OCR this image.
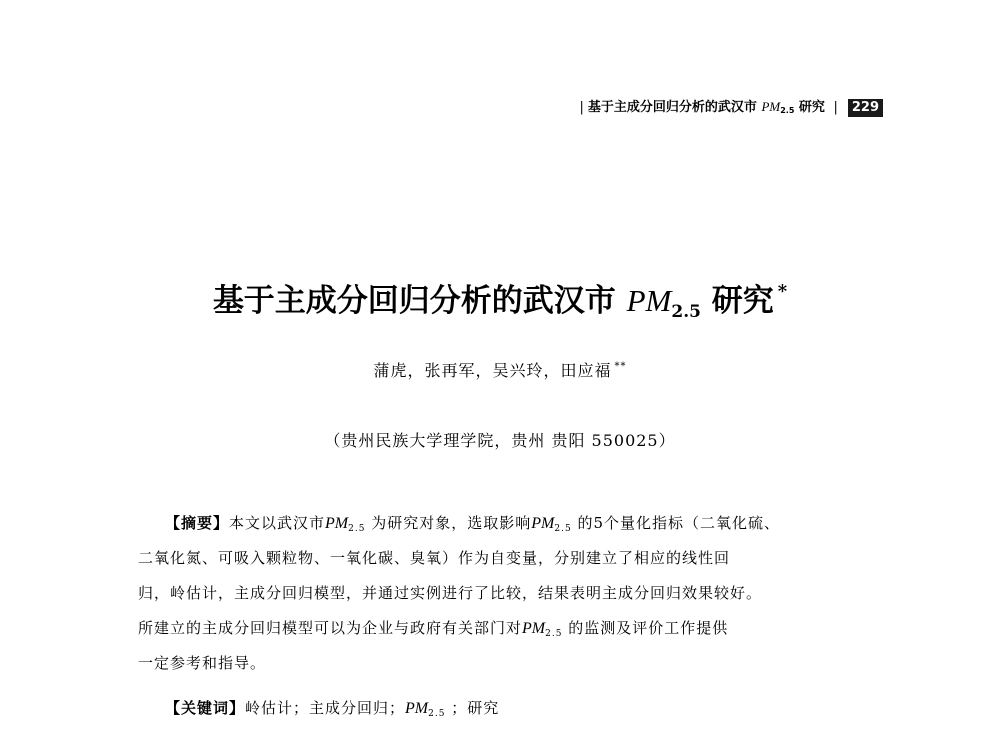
| 基于主成分回归分析的武汉市 $PM_{2.5}$ 研究 | 229
基于主成分回归分析的武汉市 $PM_{2.5}$ 研究 *
蒲虎，张再军，吴兴玲，田应福 **
（贵州民族大学理学院，贵州 贵阳 550025）
【摘要】本文以武汉市$PM_{2.5}$ 为研究对象，选取影响$PM_{2.5}$ 的5个量化指标（二氧化硫、
二氧化氮、可吸入颗粒物、一氧化碳、臭氧）作为自变量，分别建立了相应的线性回
归，岭估计，主成分回归模型，并通过实例进行了比较，结果表明主成分回归效果较好。
所建立的主成分回归模型可以为企业与政府有关部门对$PM_{2.5}$ 的监测及评价工作提供
一定参考和指导。
【关键词】岭估计；主成分回归；$PM_{2.5}$ ；研究
